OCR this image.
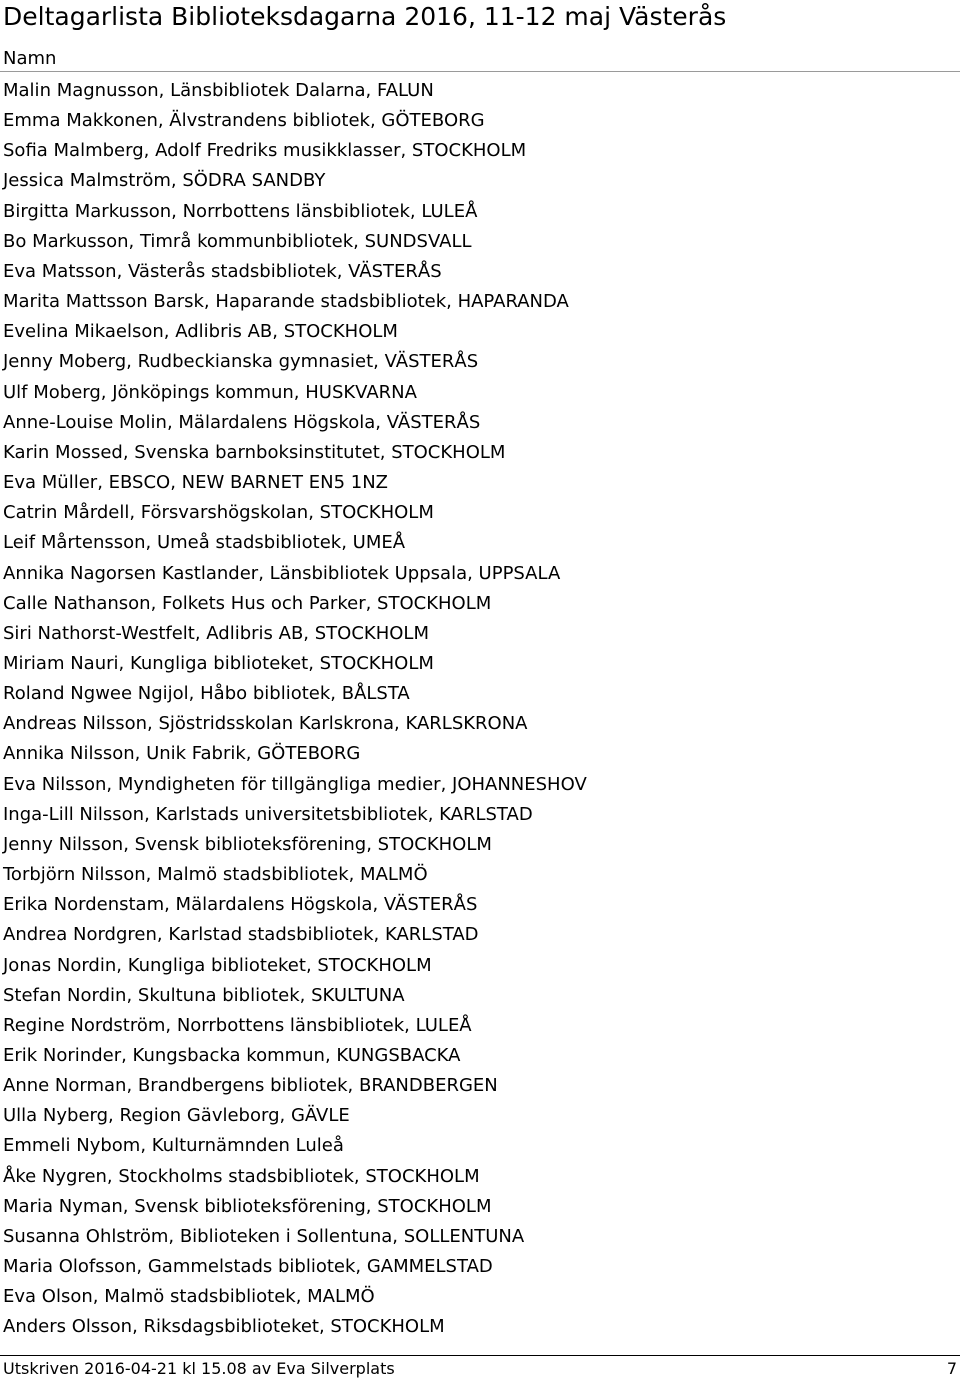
Deltagarlista Biblioteksdagarna 2016, 11-12 maj Västerås
Namn
Malin Magnusson, Länsbibliotek Dalarna, FALUN
Emma Makkonen, Älvstrandens bibliotek, GÖTEBORG
Sofia Malmberg, Adolf Fredriks musikklasser, STOCKHOLM
Jessica Malmström, SÖDRA SANDBY
Birgitta Markusson, Norrbottens länsbibliotek, LULEÅ
Bo Markusson, Timrå kommunbibliotek, SUNDSVALL
Eva Matsson, Västerås stadsbibliotek, VÄSTERÅS
Marita Mattsson Barsk, Haparande stadsbibliotek, HAPARANDA
Evelina Mikaelson, Adlibris AB, STOCKHOLM
Jenny Moberg, Rudbeckianska gymnasiet, VÄSTERÅS
Ulf Moberg, Jönköpings kommun, HUSKVARNA
Anne-Louise Molin, Mälardalens Högskola, VÄSTERÅS
Karin Mossed, Svenska barnboksinstitutet, STOCKHOLM
Eva Müller, EBSCO, NEW BARNET EN5 1NZ
Catrin Mårdell, Försvarshögskolan, STOCKHOLM
Leif Mårtensson, Umeå stadsbibliotek, UMEÅ
Annika Nagorsen Kastlander, Länsbibliotek Uppsala, UPPSALA
Calle Nathanson, Folkets Hus och Parker, STOCKHOLM
Siri Nathorst-Westfelt, Adlibris AB, STOCKHOLM
Miriam Nauri, Kungliga biblioteket, STOCKHOLM
Roland Ngwee Ngijol, Håbo bibliotek, BÅLSTA
Andreas Nilsson, Sjöstridsskolan Karlskrona, KARLSKRONA
Annika Nilsson, Unik Fabrik, GÖTEBORG
Eva Nilsson, Myndigheten för tillgängliga medier, JOHANNESHOV
Inga-Lill Nilsson, Karlstads universitetsbibliotek, KARLSTAD
Jenny Nilsson, Svensk biblioteksförening, STOCKHOLM
Torbjörn Nilsson, Malmö stadsbibliotek, MALMÖ
Erika Nordenstam, Mälardalens Högskola, VÄSTERÅS
Andrea Nordgren, Karlstad stadsbibliotek, KARLSTAD
Jonas Nordin, Kungliga biblioteket, STOCKHOLM
Stefan Nordin, Skultuna bibliotek, SKULTUNA
Regine Nordström, Norrbottens länsbibliotek, LULEÅ
Erik Norinder, Kungsbacka kommun, KUNGSBACKA
Anne Norman, Brandbergens bibliotek, BRANDBERGEN
Ulla Nyberg, Region Gävleborg, GÄVLE
Emmeli Nybom, Kulturnämnden Luleå
Åke Nygren, Stockholms stadsbibliotek, STOCKHOLM
Maria Nyman, Svensk biblioteksförening, STOCKHOLM
Susanna Ohlström, Biblioteken i Sollentuna, SOLLENTUNA
Maria Olofsson, Gammelstads bibliotek, GAMMELSTAD
Eva Olson, Malmö stadsbibliotek, MALMÖ
Anders Olsson, Riksdagsbiblioteket, STOCKHOLM
Utskriven 2016-04-21 kl 15.08 av Eva Silverplats	7
